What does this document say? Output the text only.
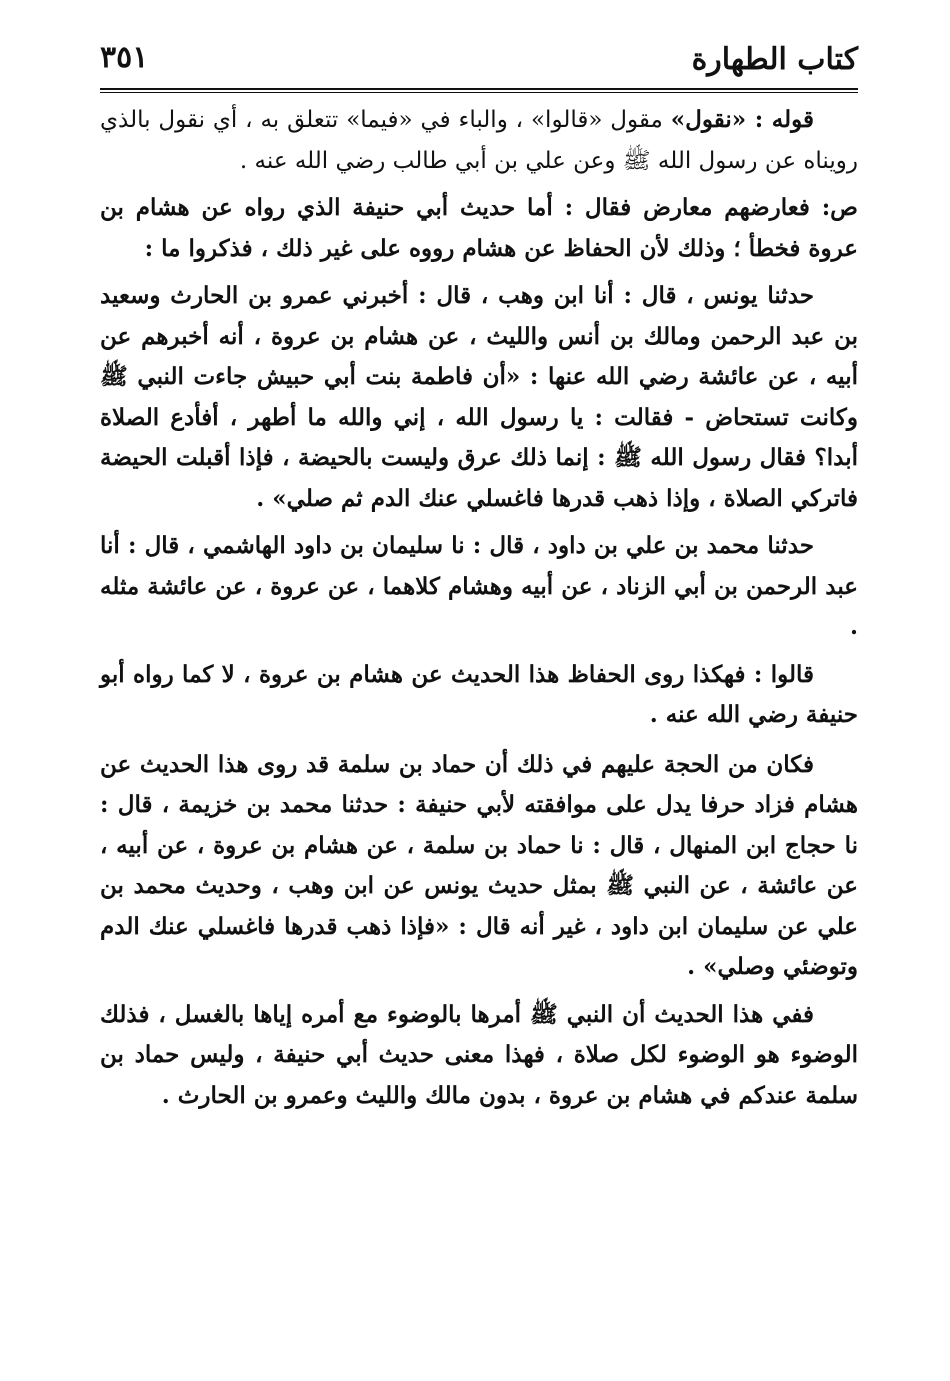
كتاب الطهارة
٣٥١

قوله : «نقول» مقول «قالوا» ، والباء في «فيما» تتعلق به ، أي نقول بالذي رويناه عن رسول الله ﷺ وعن علي بن أبي طالب رضي الله عنه .

ص: فعارضهم معارض فقال : أما حديث أبي حنيفة الذي رواه عن هشام بن عروة فخطأ ؛ وذلك لأن الحفاظ عن هشام رووه على غير ذلك ، فذكروا ما :

حدثنا يونس ، قال : أنا ابن وهب ، قال : أخبرني عمرو بن الحارث وسعيد بن عبد الرحمن ومالك بن أنس والليث ، عن هشام بن عروة ، أنه أخبرهم عن أبيه ، عن عائشة رضي الله عنها : «أن فاطمة بنت أبي حبيش جاءت النبي ﷺ وكانت تستحاض - فقالت : يا رسول الله ، إني والله ما أطهر ، أفأدع الصلاة أبدا؟ فقال رسول الله ﷺ : إنما ذلك عرق وليست بالحيضة ، فإذا أقبلت الحيضة فاتركي الصلاة ، وإذا ذهب قدرها فاغسلي عنك الدم ثم صلي» .

حدثنا محمد بن علي بن داود ، قال : نا سليمان بن داود الهاشمي ، قال : أنا عبد الرحمن بن أبي الزناد ، عن أبيه وهشام كلاهما ، عن عروة ، عن عائشة مثله .

قالوا : فهكذا روى الحفاظ هذا الحديث عن هشام بن عروة ، لا كما رواه أبو حنيفة رضي الله عنه .

فكان من الحجة عليهم في ذلك أن حماد بن سلمة قد روى هذا الحديث عن هشام فزاد حرفا يدل على موافقته لأبي حنيفة : حدثنا محمد بن خزيمة ، قال : نا حجاج ابن المنهال ، قال : نا حماد بن سلمة ، عن هشام بن عروة ، عن أبيه ، عن عائشة ، عن النبي ﷺ بمثل حديث يونس عن ابن وهب ، وحديث محمد بن علي عن سليمان ابن داود ، غير أنه قال : «فإذا ذهب قدرها فاغسلي عنك الدم وتوضئي وصلي» .

ففي هذا الحديث أن النبي ﷺ أمرها بالوضوء مع أمره إياها بالغسل ، فذلك الوضوء هو الوضوء لكل صلاة ، فهذا معنى حديث أبي حنيفة ، وليس حماد بن سلمة عندكم في هشام بن عروة ، بدون مالك والليث وعمرو بن الحارث .
